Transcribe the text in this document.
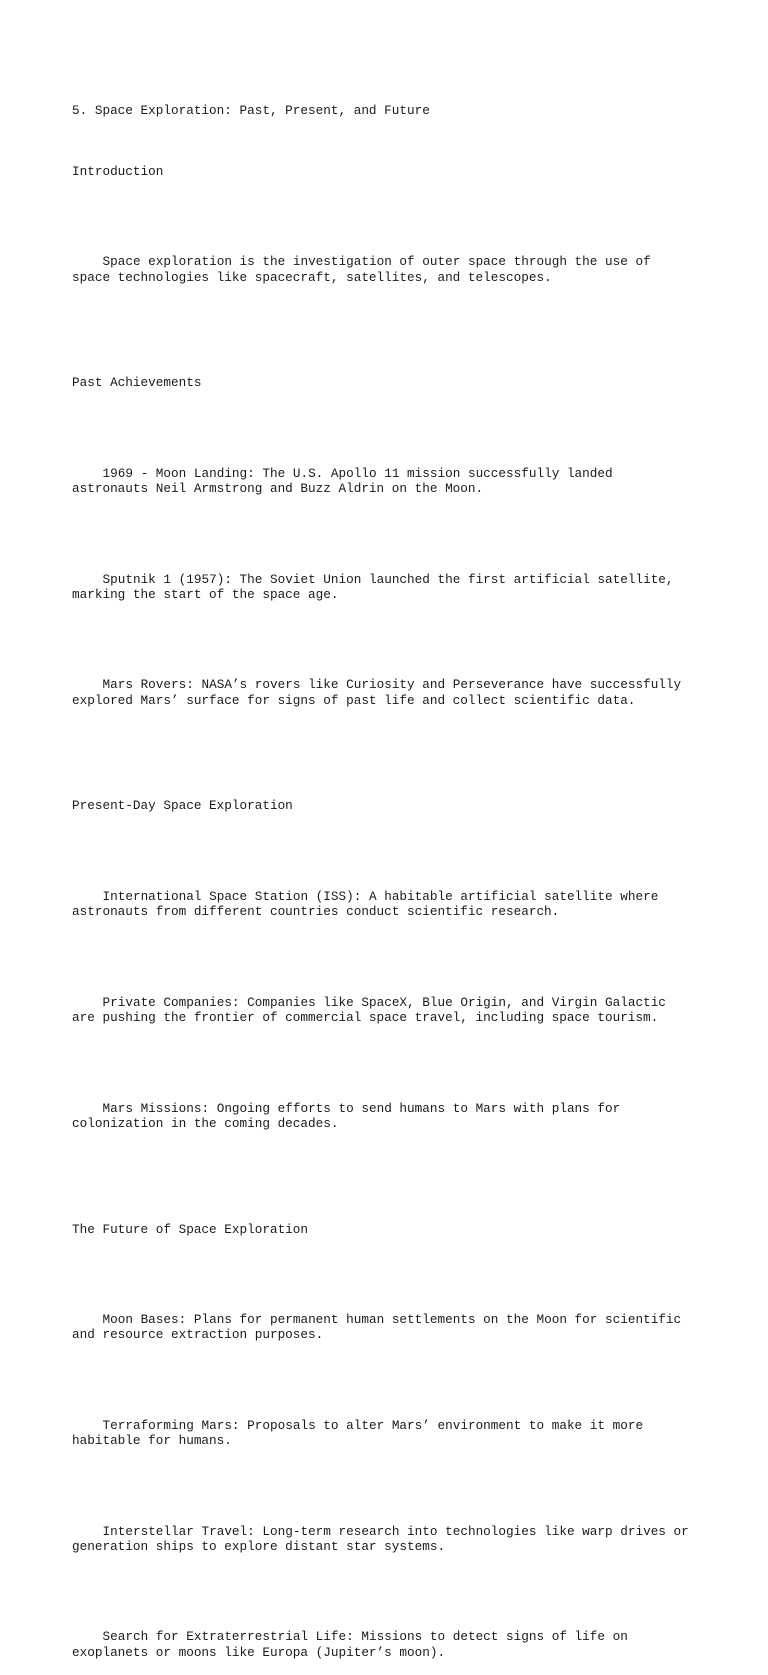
5. Space Exploration: Past, Present, and Future

Introduction

Space exploration is the investigation of outer space through the use of space technologies like spacecraft, satellites, and telescopes.

Past Achievements

1969 - Moon Landing: The U.S. Apollo 11 mission successfully landed astronauts Neil Armstrong and Buzz Aldrin on the Moon.

Sputnik 1 (1957): The Soviet Union launched the first artificial satellite, marking the start of the space age.

Mars Rovers: NASA’s rovers like Curiosity and Perseverance have successfully explored Mars’ surface for signs of past life and collect scientific data.

Present-Day Space Exploration

International Space Station (ISS): A habitable artificial satellite where astronauts from different countries conduct scientific research.

Private Companies: Companies like SpaceX, Blue Origin, and Virgin Galactic are pushing the frontier of commercial space travel, including space tourism.

Mars Missions: Ongoing efforts to send humans to Mars with plans for colonization in the coming decades.

The Future of Space Exploration

Moon Bases: Plans for permanent human settlements on the Moon for scientific and resource extraction purposes.

Terraforming Mars: Proposals to alter Mars’ environment to make it more habitable for humans.

Interstellar Travel: Long-term research into technologies like warp drives or generation ships to explore distant star systems.

Search for Extraterrestrial Life: Missions to detect signs of life on exoplanets or moons like Europa (Jupiter’s moon).
